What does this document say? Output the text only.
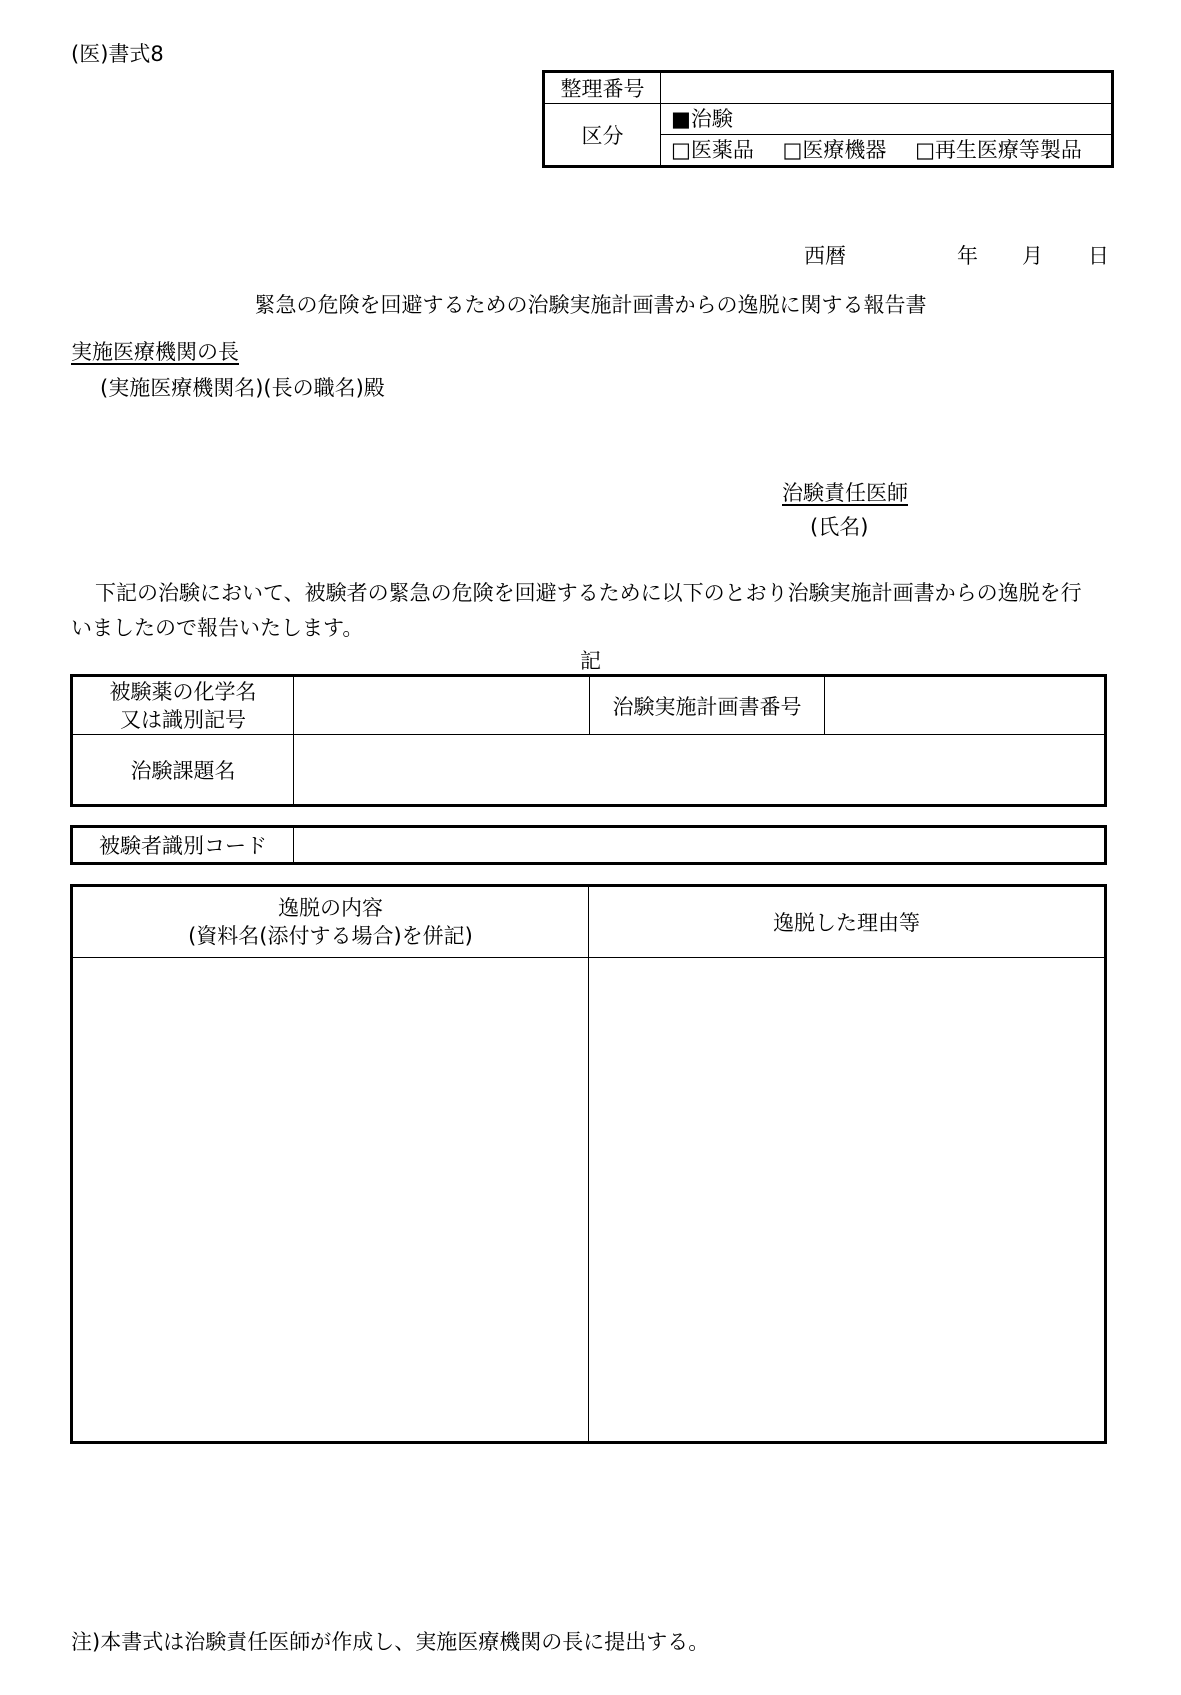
(医)書式8
整理番号	
区分	■治験
□医薬品 □医療機器 □再生医療等製品
西暦	年 月 日
緊急の危険を回避するための治験実施計画書からの逸脱に関する報告書
実施医療機関の長
(実施医療機関名)(長の職名)殿
治験責任医師
(氏名)
下記の治験において、被験者の緊急の危険を回避するために以下のとおり治験実施計画書からの逸脱を行
いましたので報告いたします。
記
被験薬の化学名
又は識別記号		治験実施計画書番号	
治験課題名			
被験者識別コード	
逸脱の内容
(資料名(添付する場合)を併記)	逸脱した理由等

注)本書式は治験責任医師が作成し、実施医療機関の長に提出する。
